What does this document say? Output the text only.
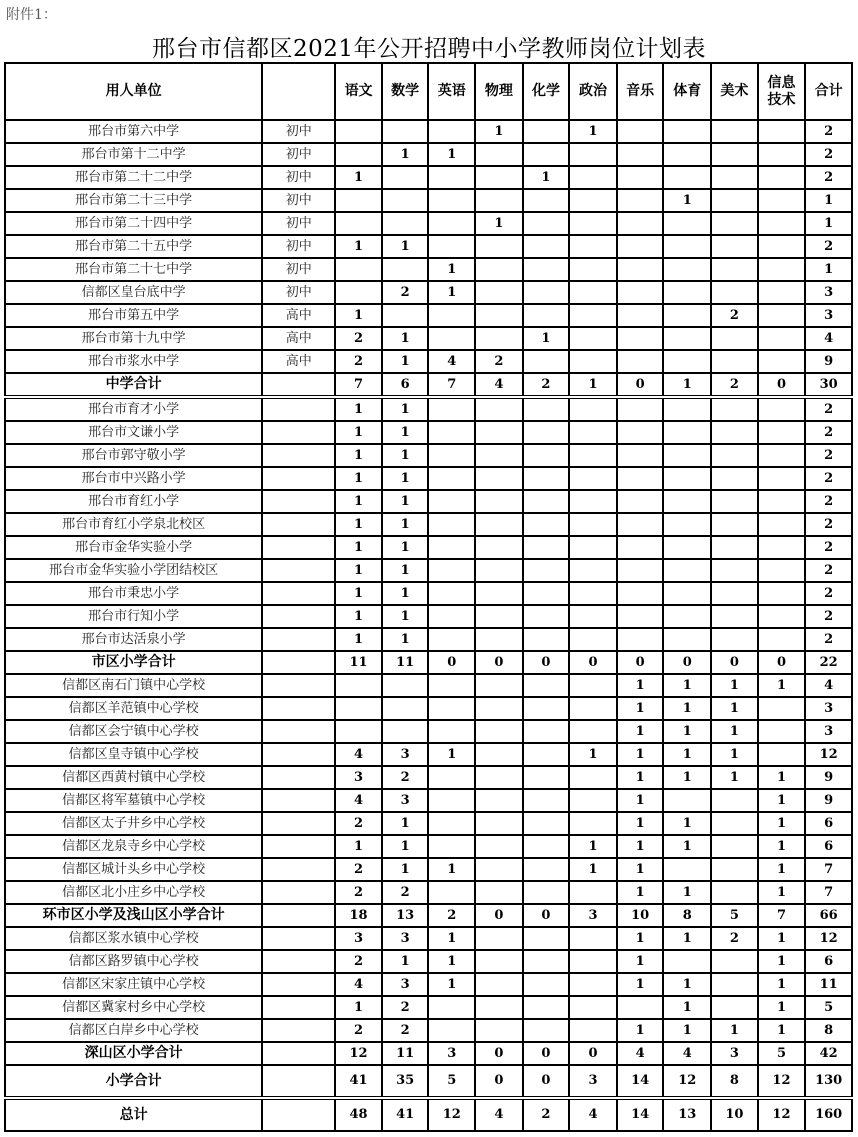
附件1：
邢台市信都区2021年公开招聘中小学教师岗位计划表
用人单位		语文	数学	英语	物理	化学	政治	音乐	体育	美术	信息技术	合计
邢台市第六中学	初中				1		1					2
邢台市第十二中学	初中		1	1								2
邢台市第二十二中学	初中	1				1						2
邢台市第二十三中学	初中								1			1
邢台市第二十四中学	初中				1							1
邢台市第二十五中学	初中	1	1									2
邢台市第二十七中学	初中			1								1
信都区皇台底中学	初中		2	1								3
邢台市第五中学	高中	1								2		3
邢台市第十九中学	高中	2	1			1						4
邢台市浆水中学	高中	2	1	4	2							9
中学合计		7	6	7	4	2	1	0	1	2	0	30
邢台市育才小学		1	1									2
邢台市文谦小学		1	1									2
邢台市郭守敬小学		1	1									2
邢台市中兴路小学		1	1									2
邢台市育红小学		1	1									2
邢台市育红小学泉北校区		1	1									2
邢台市金华实验小学		1	1									2
邢台市金华实验小学团结校区		1	1									2
邢台市秉忠小学		1	1									2
邢台市行知小学		1	1									2
邢台市达活泉小学		1	1									2
市区小学合计		11	11	0	0	0	0	0	0	0	0	22
信都区南石门镇中心学校								1	1	1	1	4
信都区羊范镇中心学校								1	1	1		3
信都区会宁镇中心学校								1	1	1		3
信都区皇寺镇中心学校		4	3	1			1	1	1	1		12
信都区西黄村镇中心学校		3	2					1	1	1	1	9
信都区将军墓镇中心学校		4	3					1			1	9
信都区太子井乡中心学校		2	1					1	1		1	6
信都区龙泉寺乡中心学校		1	1				1	1	1		1	6
信都区城计头乡中心学校		2	1	1			1	1			1	7
信都区北小庄乡中心学校		2	2					1	1		1	7
环市区小学及浅山区小学合计		18	13	2	0	0	3	10	8	5	7	66
信都区浆水镇中心学校		3	3	1				1	1	2	1	12
信都区路罗镇中心学校		2	1	1				1			1	6
信都区宋家庄镇中心学校		4	3	1				1	1		1	11
信都区冀家村乡中心学校		1	2						1		1	5
信都区白岸乡中心学校		2	2					1	1	1	1	8
深山区小学合计		12	11	3	0	0	0	4	4	3	5	42
小学合计		41	35	5	0	0	3	14	12	8	12	130
总计		48	41	12	4	2	4	14	13	10	12	160
